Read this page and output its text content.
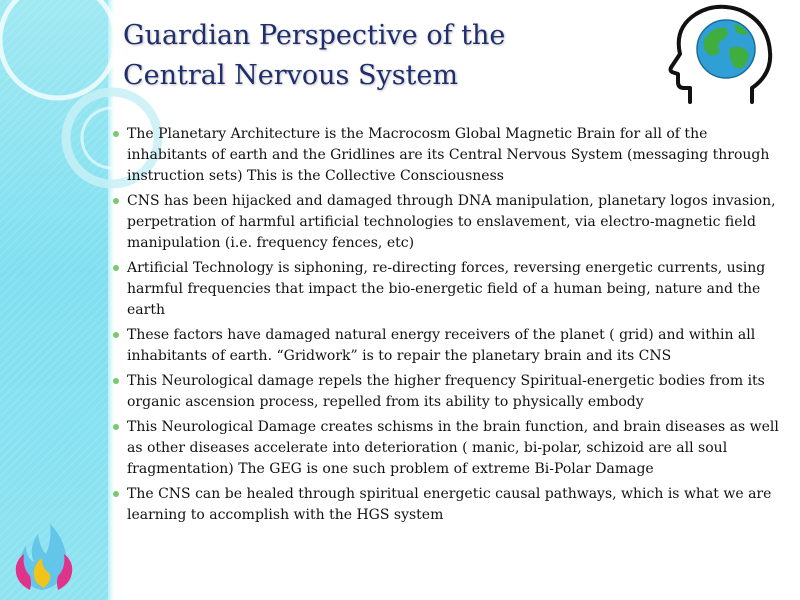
Guardian Perspective of the
Central Nervous System
The Planetary Architecture is the Macrocosm Global Magnetic Brain for all of the inhabitants of earth and the Gridlines are its Central Nervous System (messaging through instruction sets) This is the Collective Consciousness
CNS has been hijacked and damaged through DNA manipulation, planetary logos invasion, perpetration of harmful artificial technologies to enslavement, via electro-magnetic field manipulation (i.e. frequency fences, etc)
Artificial Technology is siphoning, re-directing forces, reversing energetic currents, using harmful frequencies that impact the bio-energetic field of a human being, nature and the earth
These factors have damaged natural energy receivers of the planet ( grid) and within all inhabitants of earth. “Gridwork” is to repair the planetary brain and its CNS
This Neurological damage repels the higher frequency Spiritual-energetic bodies from its organic ascension process, repelled from its ability to physically embody
This Neurological Damage creates schisms in the brain function, and brain diseases as well as other diseases accelerate into deterioration ( manic, bi-polar, schizoid are all soul fragmentation) The GEG is one such problem of extreme Bi-Polar Damage
The CNS can be healed through spiritual energetic causal pathways, which is what we are learning to accomplish with the HGS system
